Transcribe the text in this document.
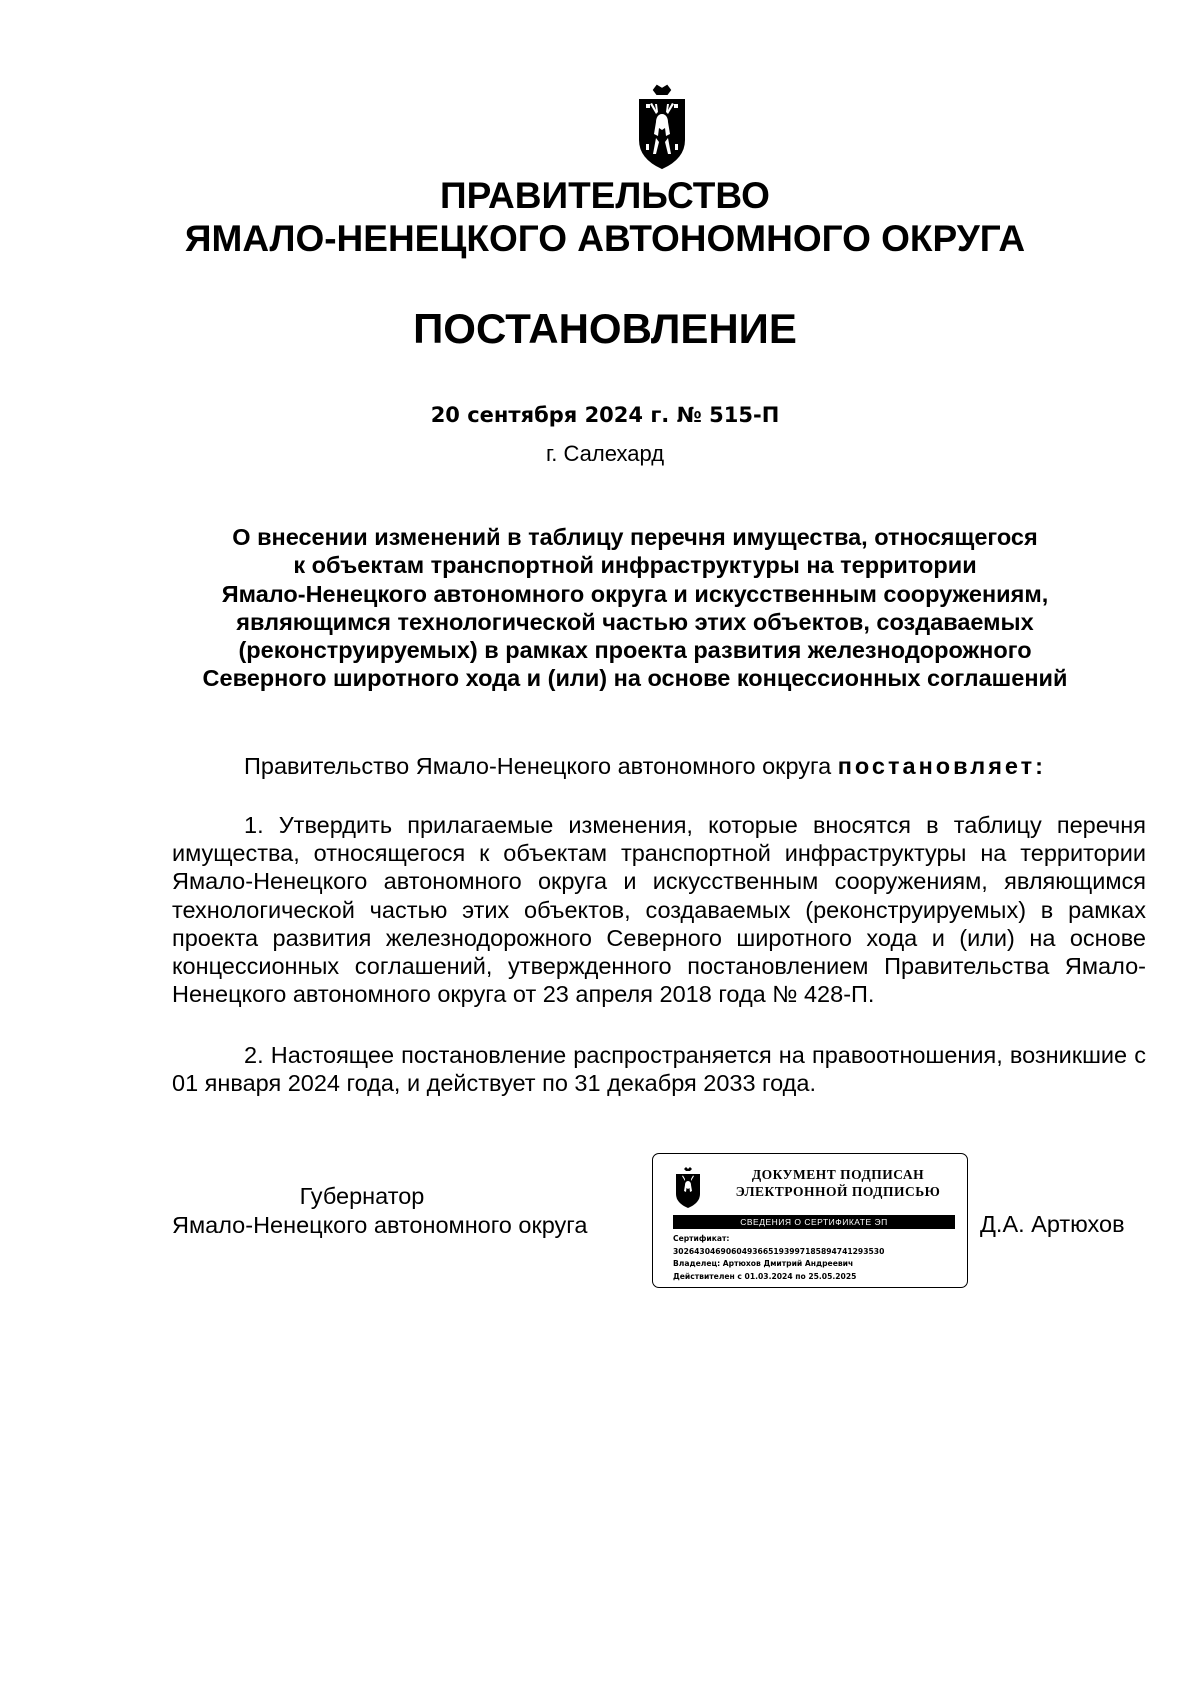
ПРАВИТЕЛЬСТВО
ЯМАЛО-НЕНЕЦКОГО АВТОНОМНОГО ОКРУГА
ПОСТАНОВЛЕНИЕ
20 сентября 2024 г. № 515-П
г. Салехард
О внесении изменений в таблицу перечня имущества, относящегося
к объектам транспортной инфраструктуры на территории
Ямало-Ненецкого автономного округа и искусственным сооружениям,
являющимся технологической частью этих объектов, создаваемых
(реконструируемых) в рамках проекта развития железнодорожного
Северного широтного хода и (или) на основе концессионных соглашений
Правительство Ямало-Ненецкого автономного округа постановляет:
1. Утвердить прилагаемые изменения, которые вносятся в таблицу перечня имущества, относящегося к объектам транспортной инфраструктуры на территории Ямало-Ненецкого автономного округа и искусственным сооружениям, являющимся технологической частью этих объектов, создаваемых (реконструируемых) в рамках проекта развития железнодорожного Северного широтного хода и (или) на основе концессионных соглашений, утвержденного постановлением Правительства Ямало-Ненецкого автономного округа от 23 апреля 2018 года № 428-П.
2. Настоящее постановление распространяется на правоотношения, возникшие с 01 января 2024 года, и действует по 31 декабря 2033 года.
Губернатор
Ямало-Ненецкого автономного округа
ДОКУМЕНТ ПОДПИСАН
ЭЛЕКТРОННОЙ ПОДПИСЬЮ
СВЕДЕНИЯ О СЕРТИФИКАТЕ ЭП
Сертификат:
3026430469060493665193997185894741293530
Владелец: Артюхов Дмитрий Андреевич
Действителен с 01.03.2024 по 25.05.2025
Д.А. Артюхов
